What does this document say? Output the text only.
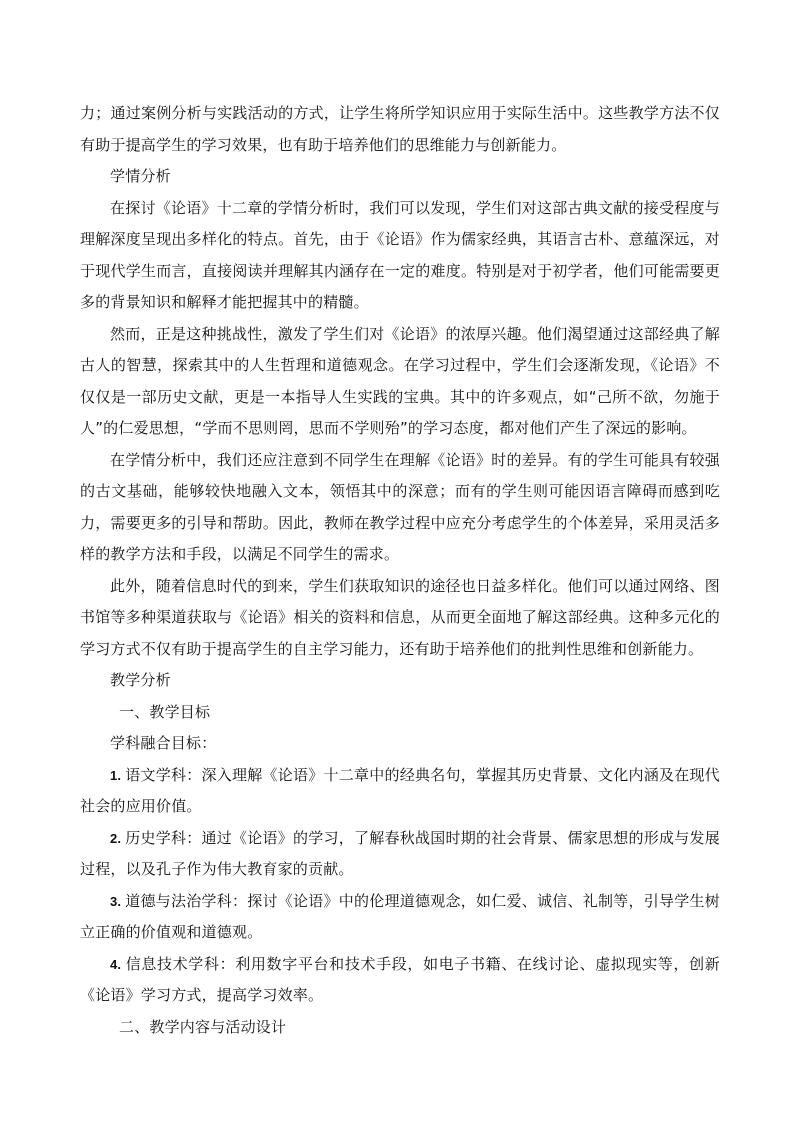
力；通过案例分析与实践活动的方式，让学生将所学知识应用于实际生活中。这些教学方法不仅有助于提高学生的学习效果，也有助于培养他们的思维能力与创新能力。

学情分析

在探讨《论语》十二章的学情分析时，我们可以发现，学生们对这部古典文献的接受程度与理解深度呈现出多样化的特点。首先，由于《论语》作为儒家经典，其语言古朴、意蕴深远，对于现代学生而言，直接阅读并理解其内涵存在一定的难度。特别是对于初学者，他们可能需要更多的背景知识和解释才能把握其中的精髓。

然而，正是这种挑战性，激发了学生们对《论语》的浓厚兴趣。他们渴望通过这部经典了解古人的智慧，探索其中的人生哲理和道德观念。在学习过程中，学生们会逐渐发现，《论语》不仅仅是一部历史文献，更是一本指导人生实践的宝典。其中的许多观点，如“己所不欲，勿施于人”的仁爱思想，“学而不思则罔，思而不学则殆”的学习态度，都对他们产生了深远的影响。

在学情分析中，我们还应注意到不同学生在理解《论语》时的差异。有的学生可能具有较强的古文基础，能够较快地融入文本，领悟其中的深意；而有的学生则可能因语言障碍而感到吃力，需要更多的引导和帮助。因此，教师在教学过程中应充分考虑学生的个体差异，采用灵活多样的教学方法和手段，以满足不同学生的需求。

此外，随着信息时代的到来，学生们获取知识的途径也日益多样化。他们可以通过网络、图书馆等多种渠道获取与《论语》相关的资料和信息，从而更全面地了解这部经典。这种多元化的学习方式不仅有助于提高学生的自主学习能力，还有助于培养他们的批判性思维和创新能力。

教学分析

一、教学目标

学科融合目标：

1. 语文学科：深入理解《论语》十二章中的经典名句，掌握其历史背景、文化内涵及在现代社会的应用价值。

2. 历史学科：通过《论语》的学习，了解春秋战国时期的社会背景、儒家思想的形成与发展过程，以及孔子作为伟大教育家的贡献。

3. 道德与法治学科：探讨《论语》中的伦理道德观念，如仁爱、诚信、礼制等，引导学生树立正确的价值观和道德观。

4. 信息技术学科：利用数字平台和技术手段，如电子书籍、在线讨论、虚拟现实等，创新《论语》学习方式，提高学习效率。

二、教学内容与活动设计
